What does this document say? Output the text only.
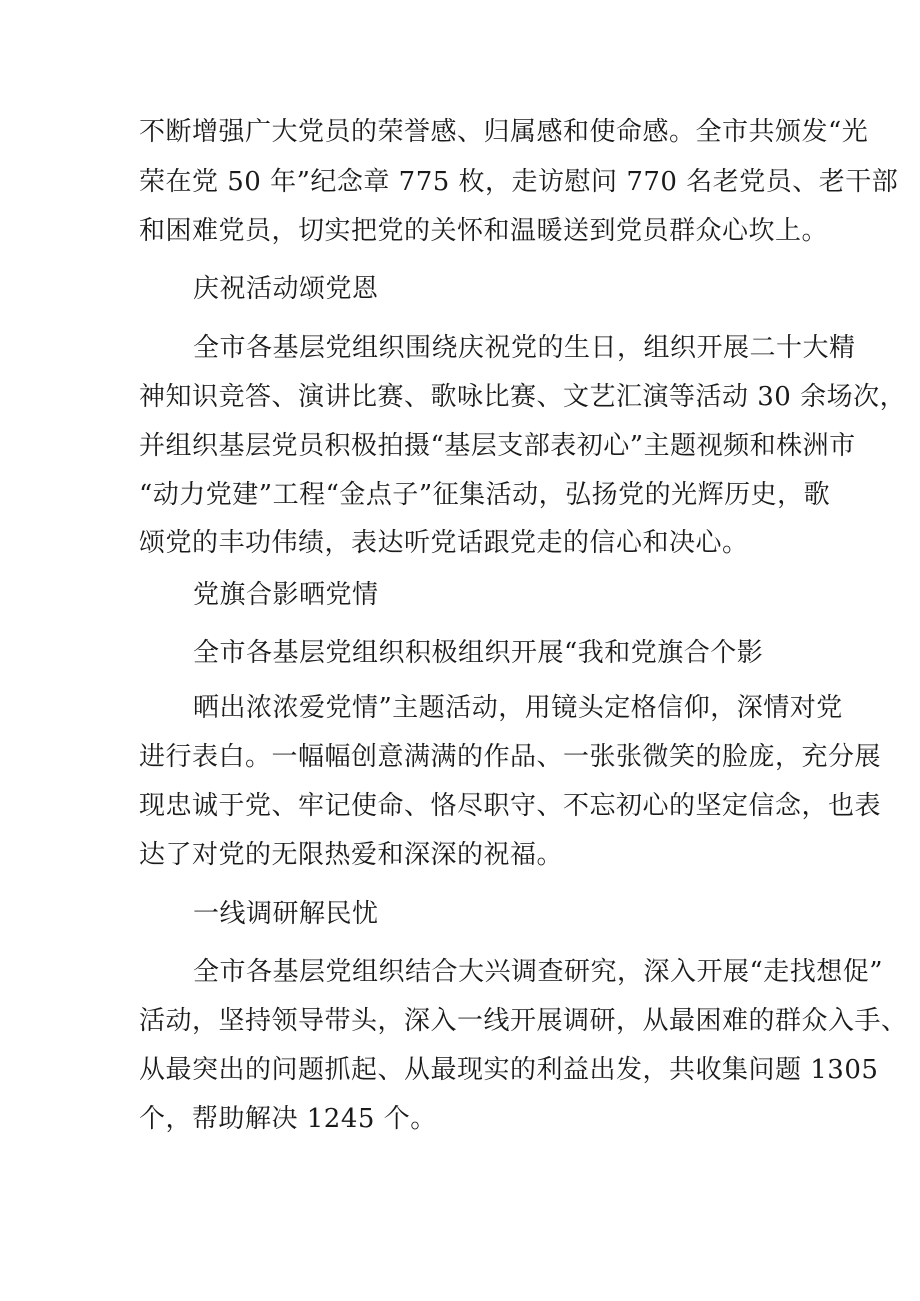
不断增强广大党员的荣誉感、归属感和使命感。全市共颁发“光
荣在党 50 年”纪念章 775 枚，走访慰问 770 名老党员、老干部
和困难党员，切实把党的关怀和温暖送到党员群众心坎上。
庆祝活动颂党恩
全市各基层党组织围绕庆祝党的生日，组织开展二十大精
神知识竞答、演讲比赛、歌咏比赛、文艺汇演等活动 30 余场次，
并组织基层党员积极拍摄“基层支部表初心”主题视频和株洲市
“动力党建”工程“金点子”征集活动，弘扬党的光辉历史，歌
颂党的丰功伟绩，表达听党话跟党走的信心和决心。
党旗合影晒党情
全市各基层党组织积极组织开展“我和党旗合个影
晒出浓浓爱党情”主题活动，用镜头定格信仰，深情对党
进行表白。一幅幅创意满满的作品、一张张微笑的脸庞，充分展
现忠诚于党、牢记使命、恪尽职守、不忘初心的坚定信念，也表
达了对党的无限热爱和深深的祝福。
一线调研解民忧
全市各基层党组织结合大兴调查研究，深入开展“走找想促”
活动，坚持领导带头，深入一线开展调研，从最困难的群众入手、
从最突出的问题抓起、从最现实的利益出发，共收集问题 1305
个，帮助解决 1245 个。
